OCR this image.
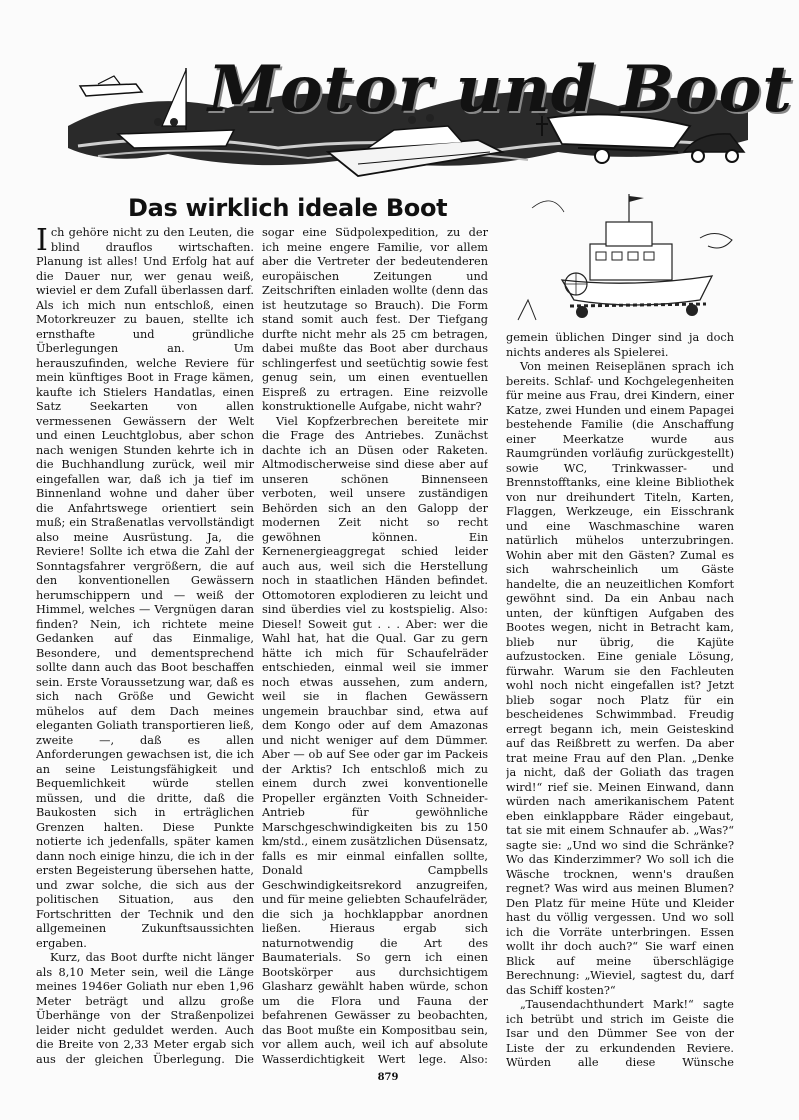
Motor und Boot
Das wirklich ideale Boot

Ich gehöre nicht zu den Leuten, die blind drauflos wirtschaften. Planung ist alles! Und Erfolg hat auf die Dauer nur, wer genau weiß, wieviel er dem Zufall überlassen darf. Als ich mich nun entschloß, einen Motorkreuzer zu bauen, stellte ich ernsthafte und gründliche Überlegungen an. Um herauszufinden, welche Reviere für mein künftiges Boot in Frage kämen, kaufte ich Stielers Handatlas, einen Satz Seekarten von allen vermessenen Gewässern der Welt und einen Leuchtglobus, aber schon nach wenigen Stunden kehrte ich in die Buchhandlung zurück, weil mir eingefallen war, daß ich ja tief im Binnenland wohne und daher über die Anfahrtswege orientiert sein muß; ein Straßenatlas vervollständigt also meine Ausrüstung. Ja, die Reviere! Sollte ich etwa die Zahl der Sonntagsfahrer vergrößern, die auf den konventionellen Gewässern herumschippern und — weiß der Himmel, welches — Vergnügen daran finden? Nein, ich richtete meine Gedanken auf das Einmalige, Besondere, und dementsprechend sollte dann auch das Boot beschaffen sein. Erste Voraussetzung war, daß es sich nach Größe und Gewicht mühelos auf dem Dach meines eleganten Goliath transportieren ließ, zweite —, daß es allen Anforderungen gewachsen ist, die ich an seine Leistungsfähigkeit und Bequemlichkeit würde stellen müssen, und die dritte, daß die Baukosten sich in erträglichen Grenzen halten. Diese Punkte notierte ich jedenfalls, später kamen dann noch einige hinzu, die ich in der ersten Begeisterung übersehen hatte, und zwar solche, die sich aus der politischen Situation, aus den Fortschritten der Technik und den allgemeinen Zukunftsaussichten ergaben.

Kurz, das Boot durfte nicht länger als 8,10 Meter sein, weil die Länge meines 1946er Goliath nur eben 1,96 Meter beträgt und allzu große Überhänge von der Straßenpolizei leider nicht geduldet werden. Auch die Breite von 2,33 Meter ergab sich aus der gleichen Überlegung. Die

sogar eine Südpolexpedition, zu der ich meine engere Familie, vor allem aber die Vertreter der bedeutenderen europäischen Zeitungen und Zeitschriften einladen wollte (denn das ist heutzutage so Brauch). Die Form stand somit auch fest. Der Tiefgang durfte nicht mehr als 25 cm betragen, dabei mußte das Boot aber durchaus schlingerfest und seetüchtig sowie fest genug sein, um einen eventuellen Eispreß zu ertragen. Eine reizvolle konstruktionelle Aufgabe, nicht wahr?

Viel Kopfzerbrechen bereitete mir die Frage des Antriebes. Zunächst dachte ich an Düsen oder Raketen. Altmodischerweise sind diese aber auf unseren schönen Binnenseen verboten, weil unsere zuständigen Behörden sich an den Galopp der modernen Zeit nicht so recht gewöhnen können. Ein Kernenergieaggregat schied leider auch aus, weil sich die Herstellung noch in staatlichen Händen befindet. Ottomotoren explodieren zu leicht und sind überdies viel zu kostspielig. Also: Diesel! Soweit gut . . . Aber: wer die Wahl hat, hat die Qual. Gar zu gern hätte ich mich für Schaufelräder entschieden, einmal weil sie immer noch etwas aussehen, zum andern, weil sie in flachen Gewässern ungemein brauchbar sind, etwa auf dem Kongo oder auf dem Amazonas und nicht weniger auf dem Dümmer. Aber — ob auf See oder gar im Packeis der Arktis? Ich entschloß mich zu einem durch zwei konventionelle Propeller ergänzten Voith Schneider-Antrieb für gewöhnliche Marschgeschwindigkeiten bis zu 150 km/std., einem zusätzlichen Düsensatz, falls es mir einmal einfallen sollte, Donald Campbells Geschwindigkeitsrekord anzugreifen, und für meine geliebten Schaufelräder, die sich ja hochklappbar anordnen ließen. Hieraus ergab sich naturnotwendig die Art des Baumaterials. So gern ich einen Bootskörper aus durchsichtigem Glasharz gewählt haben würde, schon um die Flora und Fauna der befahrenen Gewässer zu beobachten, das Boot mußte ein Kompositbau sein, vor allem auch, weil ich auf absolute Wasserdichtigkeit Wert lege. Also:

gemein üblichen Dinger sind ja doch nichts anderes als Spielerei.

Von meinen Reiseplänen sprach ich bereits. Schlaf- und Kochgelegenheiten für meine aus Frau, drei Kindern, einer Katze, zwei Hunden und einem Papagei bestehende Familie (die Anschaffung einer Meerkatze wurde aus Raumgründen vorläufig zurückgestellt) sowie WC, Trinkwasser- und Brennstofftanks, eine kleine Bibliothek von nur dreihundert Titeln, Karten, Flaggen, Werkzeuge, ein Eisschrank und eine Waschmaschine waren natürlich mühelos unterzubringen. Wohin aber mit den Gästen? Zumal es sich wahrscheinlich um Gäste handelte, die an neuzeitlichen Komfort gewöhnt sind. Da ein Anbau nach unten, der künftigen Aufgaben des Bootes wegen, nicht in Betracht kam, blieb nur übrig, die Kajüte aufzustocken. Eine geniale Lösung, fürwahr. Warum sie den Fachleuten wohl noch nicht eingefallen ist? Jetzt blieb sogar noch Platz für ein bescheidenes Schwimmbad. Freudig erregt begann ich, mein Geisteskind auf das Reißbrett zu werfen. Da aber trat meine Frau auf den Plan. „Denke ja nicht, daß der Goliath das tragen wird!“ rief sie. Meinen Einwand, dann würden nach amerikanischem Patent eben einklappbare Räder eingebaut, tat sie mit einem Schnaufer ab. „Was?“ sagte sie: „Und wo sind die Schränke? Wo das Kinderzimmer? Wo soll ich die Wäsche trocknen, wenn's draußen regnet? Was wird aus meinen Blumen? Den Platz für meine Hüte und Kleider hast du völlig vergessen. Und wo soll ich die Vorräte unterbringen. Essen wollt ihr doch auch?“ Sie warf einen Blick auf meine überschlägige Berechnung: „Wieviel, sagtest du, darf das Schiff kosten?“

„Tausendachthundert Mark!“ sagte ich betrübt und strich im Geiste die Isar und den Dümmer See von der Liste der zu erkundenden Reviere. Würden alle diese Wünsche

879
